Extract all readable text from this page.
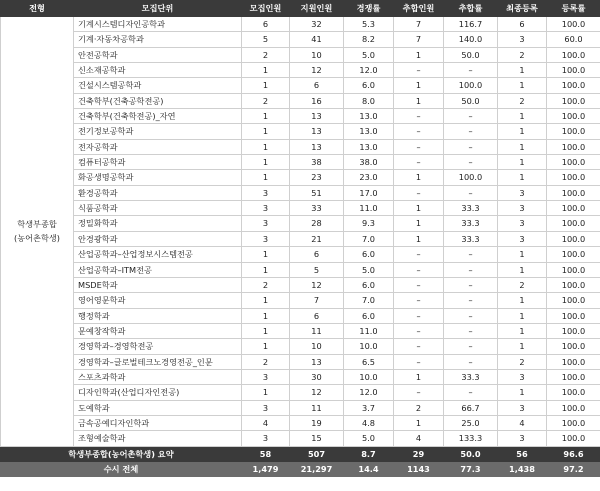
전형	모집단위	모집인원	지원인원	경쟁률	추합인원	추합률	최종등록	등록률

학생부종합
(농어촌학생)	기계시스템디자인공학과	6	32	5.3	7	116.7	6	100.0
	기계·자동차공학과	5	41	8.2	7	140.0	3	60.0
	안전공학과	2	10	5.0	1	50.0	2	100.0
	신소재공학과	1	12	12.0	–	–	1	100.0
	건설시스템공학과	1	6	6.0	1	100.0	1	100.0
	건축학부(건축공학전공)	2	16	8.0	1	50.0	2	100.0
	건축학부(건축학전공)_자연	1	13	13.0	–	–	1	100.0
	전기정보공학과	1	13	13.0	–	–	1	100.0
	전자공학과	1	13	13.0	–	–	1	100.0
	컴퓨터공학과	1	38	38.0	–	–	1	100.0
	화공생명공학과	1	23	23.0	1	100.0	1	100.0
	환경공학과	3	51	17.0	–	–	3	100.0
	식품공학과	3	33	11.0	1	33.3	3	100.0
	정밀화학과	3	28	9.3	1	33.3	3	100.0
	안경광학과	3	21	7.0	1	33.3	3	100.0
	산업공학과–산업정보시스템전공	1	6	6.0	–	–	1	100.0
	산업공학과–ITM전공	1	5	5.0	–	–	1	100.0
	MSDE학과	2	12	6.0	–	–	2	100.0
	영어영문학과	1	7	7.0	–	–	1	100.0
	행정학과	1	6	6.0	–	–	1	100.0
	문예창작학과	1	11	11.0	–	–	1	100.0
	경영학과–경영학전공	1	10	10.0	–	–	1	100.0
	경영학과–글로벌테크노경영전공_인문	2	13	6.5	–	–	2	100.0
	스포츠과학과	3	30	10.0	1	33.3	3	100.0
	디자인학과(산업디자인전공)	1	12	12.0	–	–	1	100.0
	도예학과	3	11	3.7	2	66.7	3	100.0
	금속공예디자인학과	4	19	4.8	1	25.0	4	100.0
	조형예술학과	3	15	5.0	4	133.3	3	100.0
학생부종합(농어촌학생) 요약		58	507	8.7	29	50.0	56	96.6
수시 전체		1,479	21,297	14.4	1143	77.3	1,438	97.2
